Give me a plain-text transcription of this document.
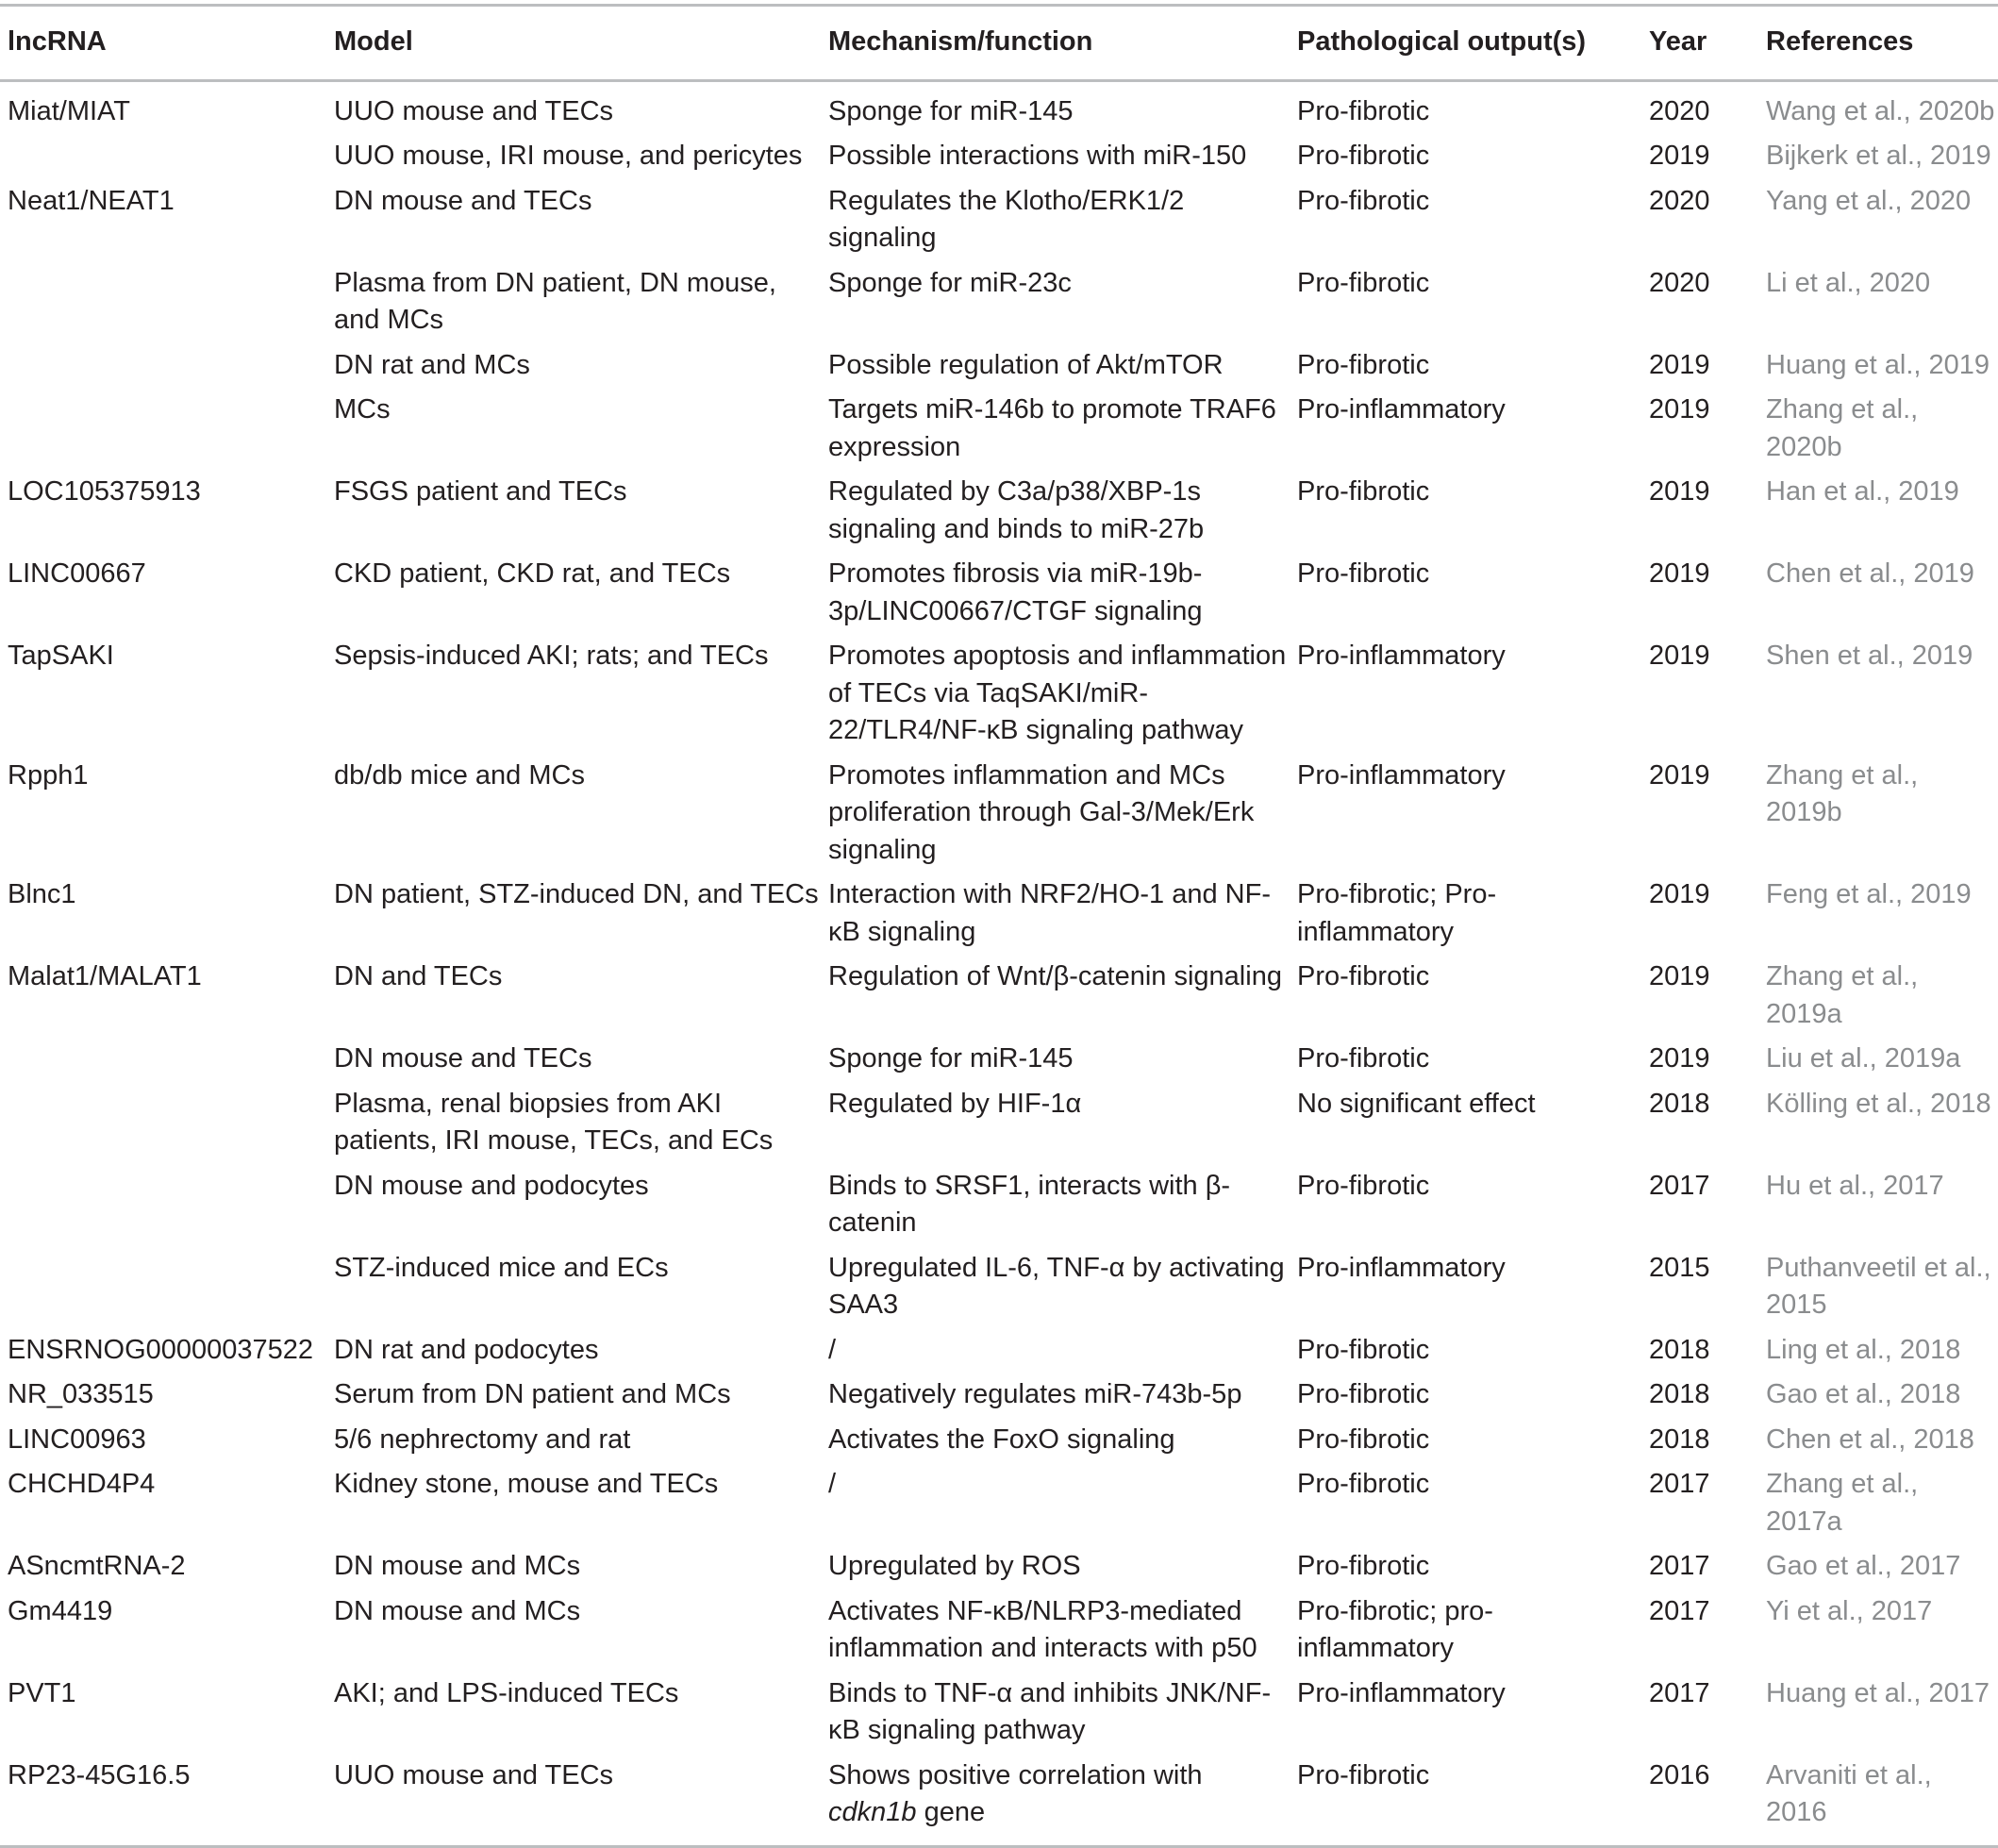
lncRNA	Model	Mechanism/function	Pathological output(s)	Year	References
Miat/MIAT	UUO mouse and TECs	Sponge for miR-145	Pro-fibrotic	2020	Wang et al., 2020b
	UUO mouse, IRI mouse, and pericytes	Possible interactions with miR-150	Pro-fibrotic	2019	Bijkerk et al., 2019
Neat1/NEAT1	DN mouse and TECs	Regulates the Klotho/ERK1/2 signaling	Pro-fibrotic	2020	Yang et al., 2020
	Plasma from DN patient, DN mouse, and MCs	Sponge for miR-23c	Pro-fibrotic	2020	Li et al., 2020
	DN rat and MCs	Possible regulation of Akt/mTOR	Pro-fibrotic	2019	Huang et al., 2019
	MCs	Targets miR-146b to promote TRAF6 expression	Pro-inflammatory	2019	Zhang et al., 2020b
LOC105375913	FSGS patient and TECs	Regulated by C3a/p38/XBP-1s signaling and binds to miR-27b	Pro-fibrotic	2019	Han et al., 2019
LINC00667	CKD patient, CKD rat, and TECs	Promotes fibrosis via miR-19b-3p/LINC00667/CTGF signaling	Pro-fibrotic	2019	Chen et al., 2019
TapSAKI	Sepsis-induced AKI; rats; and TECs	Promotes apoptosis and inflammation of TECs via TaqSAKI/miR-22/TLR4/NF-κB signaling pathway	Pro-inflammatory	2019	Shen et al., 2019
Rpph1	db/db mice and MCs	Promotes inflammation and MCs proliferation through Gal-3/Mek/Erk signaling	Pro-inflammatory	2019	Zhang et al., 2019b
Blnc1	DN patient, STZ-induced DN, and TECs	Interaction with NRF2/HO-1 and NF-κB signaling	Pro-fibrotic; Pro-inflammatory	2019	Feng et al., 2019
Malat1/MALAT1	DN and TECs	Regulation of Wnt/β-catenin signaling	Pro-fibrotic	2019	Zhang et al., 2019a
	DN mouse and TECs	Sponge for miR-145	Pro-fibrotic	2019	Liu et al., 2019a
	Plasma, renal biopsies from AKI patients, IRI mouse, TECs, and ECs	Regulated by HIF-1α	No significant effect	2018	Kölling et al., 2018
	DN mouse and podocytes	Binds to SRSF1, interacts with β-catenin	Pro-fibrotic	2017	Hu et al., 2017
	STZ-induced mice and ECs	Upregulated IL-6, TNF-α by activating SAA3	Pro-inflammatory	2015	Puthanveetil et al., 2015
ENSRNOG00000037522	DN rat and podocytes	/	Pro-fibrotic	2018	Ling et al., 2018
NR_033515	Serum from DN patient and MCs	Negatively regulates miR-743b-5p	Pro-fibrotic	2018	Gao et al., 2018
LINC00963	5/6 nephrectomy and rat	Activates the FoxO signaling	Pro-fibrotic	2018	Chen et al., 2018
CHCHD4P4	Kidney stone, mouse and TECs	/	Pro-fibrotic	2017	Zhang et al., 2017a
ASncmtRNA-2	DN mouse and MCs	Upregulated by ROS	Pro-fibrotic	2017	Gao et al., 2017
Gm4419	DN mouse and MCs	Activates NF-κB/NLRP3-mediated inflammation and interacts with p50	Pro-fibrotic; pro-inflammatory	2017	Yi et al., 2017
PVT1	AKI; and LPS-induced TECs	Binds to TNF-α and inhibits JNK/NF-κB signaling pathway	Pro-inflammatory	2017	Huang et al., 2017
RP23-45G16.5	UUO mouse and TECs	Shows positive correlation with cdkn1b gene	Pro-fibrotic	2016	Arvaniti et al., 2016
